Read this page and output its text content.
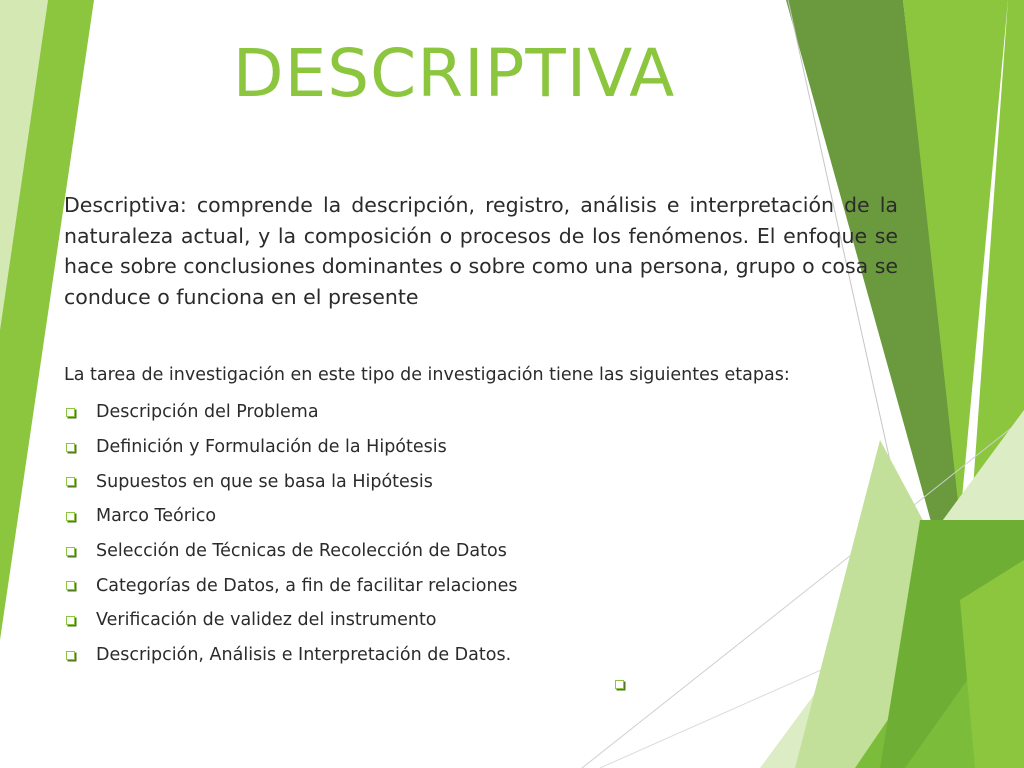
DESCRIPTIVA

Descriptiva: comprende la descripción, registro, análisis e interpretación de la naturaleza actual, y la composición o procesos de los fenómenos. El enfoque se hace sobre conclusiones dominantes o sobre como una persona, grupo o cosa se conduce o funciona en el presente

La tarea de investigación en este tipo de investigación tiene las siguientes etapas:

Descripción del Problema
Definición y Formulación de la Hipótesis
Supuestos en que se basa la Hipótesis
Marco Teórico
Selección de Técnicas de Recolección de Datos
Categorías de Datos, a fin de facilitar relaciones
Verificación de validez del instrumento
Descripción, Análisis e Interpretación de Datos.
